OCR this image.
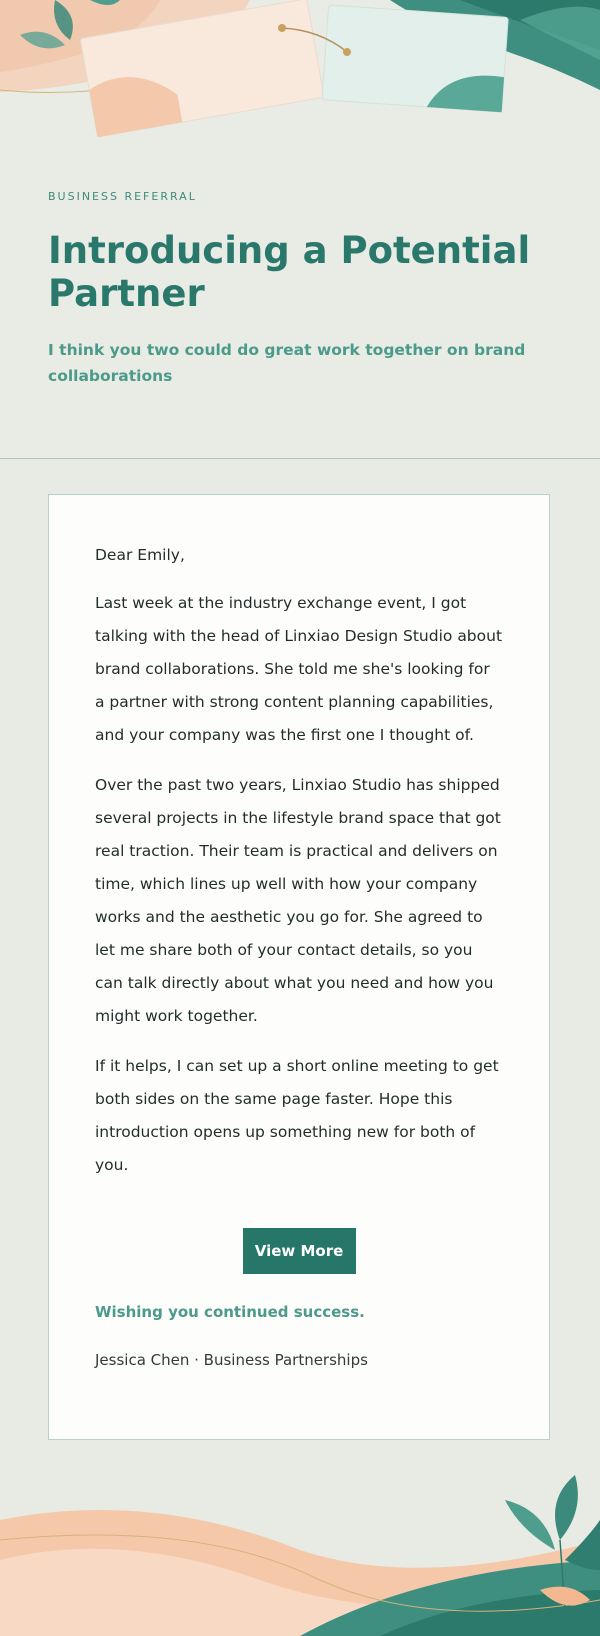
BUSINESS REFERRAL

Introducing a Potential Partner

I think you two could do great work together on brand collaborations

Dear Emily,

Last week at the industry exchange event, I got talking with the head of Linxiao Design Studio about brand collaborations. She told me she's looking for a partner with strong content planning capabilities, and your company was the first one I thought of.

Over the past two years, Linxiao Studio has shipped several projects in the lifestyle brand space that got real traction. Their team is practical and delivers on time, which lines up well with how your company works and the aesthetic you go for. She agreed to let me share both of your contact details, so you can talk directly about what you need and how you might work together.

If it helps, I can set up a short online meeting to get both sides on the same page faster. Hope this introduction opens up something new for both of you.

View More

Wishing you continued success.

Jessica Chen · Business Partnerships
